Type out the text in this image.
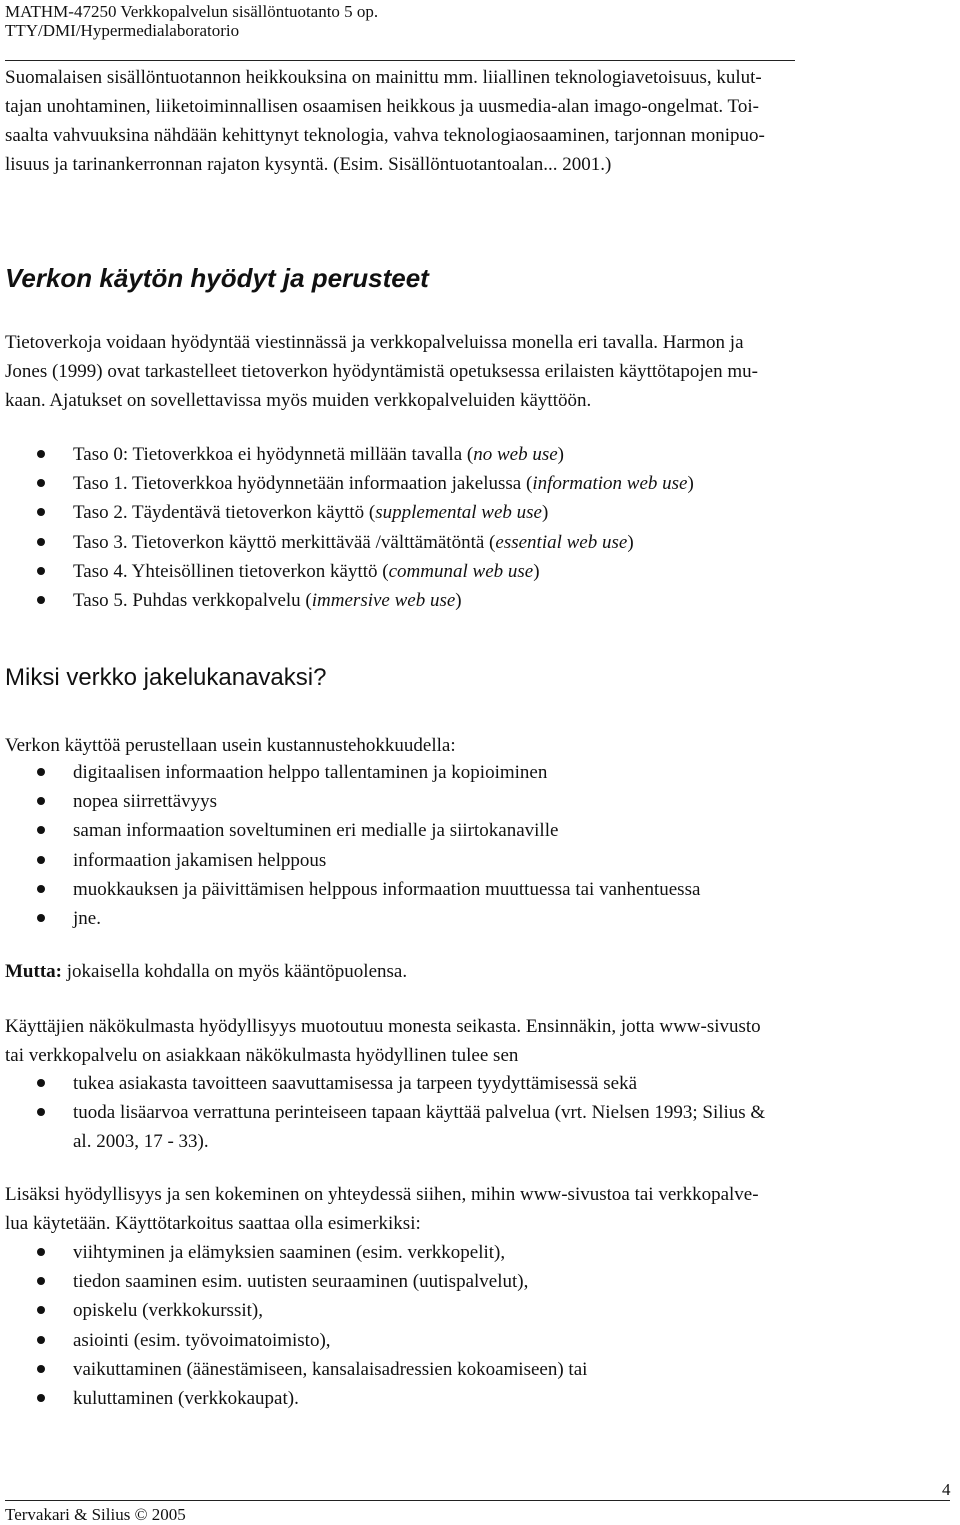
MATHM-47250 Verkkopalvelun sisällöntuotanto 5 op.
TTY/DMI/Hypermedialaboratorio
Suomalaisen sisällöntuotannon heikkouksina on mainittu mm. liiallinen teknologiavetoisuus, kulut-
tajan unohtaminen, liiketoiminnallisen osaamisen heikkous ja uusmedia-alan imago-ongelmat. Toi-
saalta vahvuuksina nähdään kehittynyt teknologia, vahva teknologiaosaaminen, tarjonnan monipuo-
lisuus ja tarinankerronnan rajaton kysyntä. (Esim. Sisällöntuotantoalan... 2001.)
Verkon käytön hyödyt ja perusteet
Tietoverkoja voidaan hyödyntää viestinnässä ja verkkopalveluissa monella eri tavalla. Harmon ja
Jones (1999) ovat tarkastelleet tietoverkon hyödyntämistä opetuksessa erilaisten käyttötapojen mu-
kaan. Ajatukset on sovellettavissa myös muiden verkkopalveluiden käyttöön.
Taso 0: Tietoverkkoa ei hyödynnetä millään tavalla (no web use)
Taso 1. Tietoverkkoa hyödynnetään informaation jakelussa (information web use)
Taso 2. Täydentävä tietoverkon käyttö (supplemental web use)
Taso 3. Tietoverkon käyttö merkittävää /välttämätöntä (essential web use)
Taso 4. Yhteisöllinen tietoverkon käyttö (communal web use)
Taso 5. Puhdas verkkopalvelu (immersive web use)
Miksi verkko jakelukanavaksi?
Verkon käyttöä perustellaan usein kustannustehokkuudella:
digitaalisen informaation helppo tallentaminen ja kopioiminen
nopea siirrettävyys
saman informaation soveltuminen eri medialle ja siirtokanaville
informaation jakamisen helppous
muokkauksen ja päivittämisen helppous informaation muuttuessa tai vanhentuessa
jne.
Mutta: jokaisella kohdalla on myös kääntöpuolensa.
Käyttäjien näkökulmasta hyödyllisyys muotoutuu monesta seikasta. Ensinnäkin, jotta www-sivusto
tai verkkopalvelu on asiakkaan näkökulmasta hyödyllinen tulee sen
tukea asiakasta tavoitteen saavuttamisessa ja tarpeen tyydyttämisessä sekä
tuoda lisäarvoa verrattuna perinteiseen tapaan käyttää palvelua (vrt. Nielsen 1993; Silius &
al. 2003, 17 - 33).
Lisäksi hyödyllisyys ja sen kokeminen on yhteydessä siihen, mihin www-sivustoa tai verkkopalve-
lua käytetään. Käyttötarkoitus saattaa olla esimerkiksi:
viihtyminen ja elämyksien saaminen (esim. verkkopelit),
tiedon saaminen esim. uutisten seuraaminen (uutispalvelut),
opiskelu (verkkokurssit),
asiointi (esim. työvoimatoimisto),
vaikuttaminen (äänestämiseen, kansalaisadressien kokoamiseen) tai
kuluttaminen (verkkokaupat).
4
Tervakari & Silius © 2005
